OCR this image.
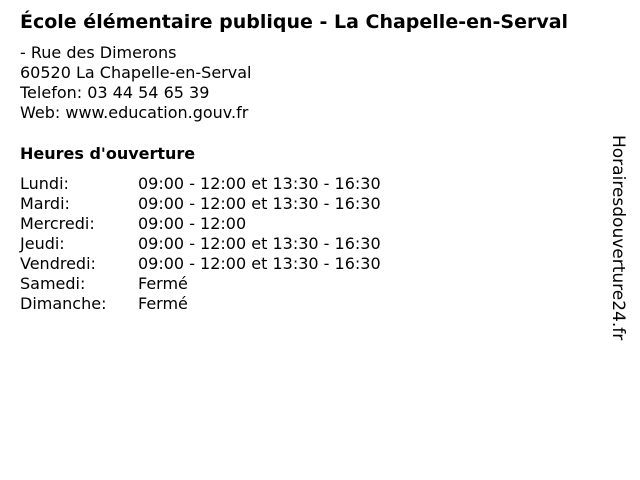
École élémentaire publique - La Chapelle-en-Serval
- Rue des Dimerons
60520 La Chapelle-en-Serval
Telefon: 03 44 54 65 39
Web: www.education.gouv.fr
Heures d'ouverture
Lundi:	09:00 - 12:00 et 13:30 - 16:30
Mardi:	09:00 - 12:00 et 13:30 - 16:30
Mercredi:	09:00 - 12:00
Jeudi:	09:00 - 12:00 et 13:30 - 16:30
Vendredi:	09:00 - 12:00 et 13:30 - 16:30
Samedi:	Fermé
Dimanche:	Fermé	Horairesdouverture24.fr
